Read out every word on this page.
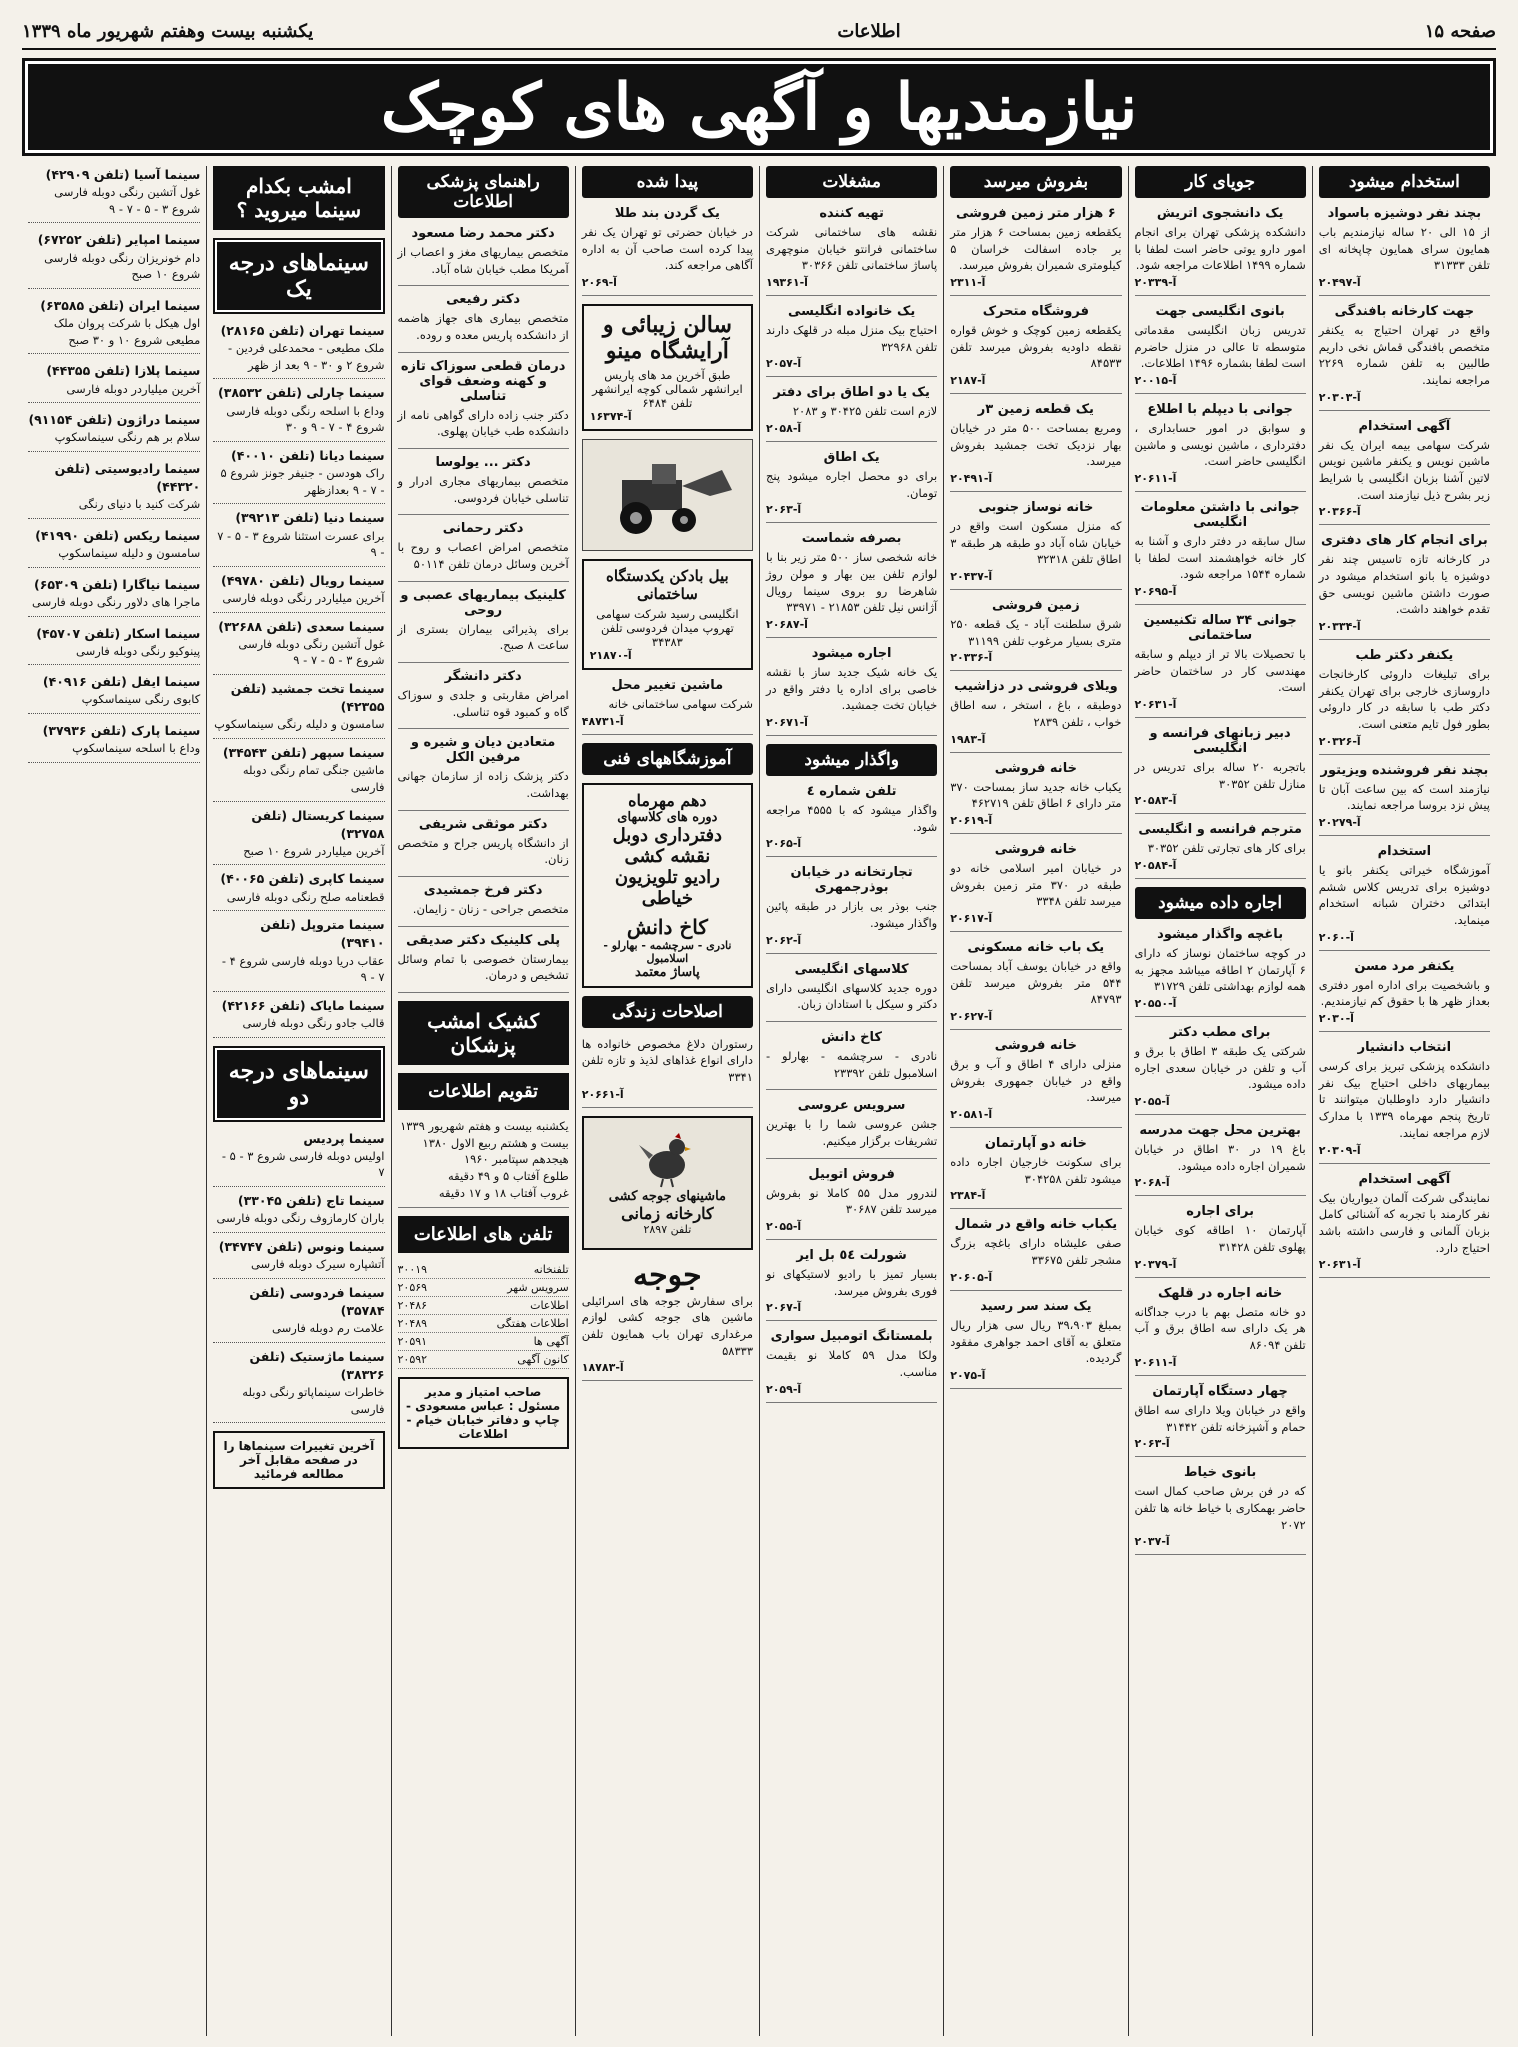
صفحه ۱۵
اطلاعات
یکشنبه بیست وهفتم شهریور ماه ۱۳۳۹
نیازمندیها و آگهی های کوچک
استخدام میشود
بچند نفر دوشیزه باسواد

از ۱۵ الی ۲۰ ساله نیازمندیم باب همایون سرای همایون چاپخانه ای تلفن ۳۱۳۳۳

آ-۲۰۴۹۷
جهت کارخانه بافندگی

واقع در تهران احتیاج به یکنفر متخصص بافندگی قماش نخی داریم طالبین به تلفن شماره ۲۲۶۹ مراجعه نمایند.

آ-۲۰۳۰۳
آگهی استخدام

شرکت سهامی بیمه ایران یک نفر ماشین نویس و یکنفر ماشین نویس لاتین آشنا بزبان انگلیسی با شرایط زیر بشرح ذیل نیازمند است.

آ-۲۰۳۶۶
برای انجام کار های دفتری

در کارخانه تازه تاسیس چند نفر دوشیزه یا بانو استخدام میشود در صورت داشتن ماشین نویسی حق تقدم خواهند داشت.

آ-۲۰۳۳۴
یکنفر دکتر طب

برای تبلیغات داروئی کارخانجات داروسازی خارجی برای تهران یکنفر دکتر طب با سابقه در کار داروئی بطور فول تایم متعنی است.

آ-۲۰۳۲۶
بچند نفر فروشنده ویزیتور

نیازمند است که بین ساعت آبان تا پیش نزد بروسا مراجعه نمایند.

آ-۲۰۲۷۹
استخدام

آموزشگاه خیراتی یکنفر بانو یا دوشیزه برای تدریس کلاس ششم ابتدائی دختران شبانه استخدام مینماید.

آ-۲۰۶۰
یکنفر مرد مسن

و باشخصیت برای اداره امور دفتری بعداز ظهر ها با حقوق کم نیازمندیم.

آ-۲۰۳۰
انتخاب دانشیار

دانشکده پزشکی تبریز برای کرسی بیماریهای داخلی احتیاج بیک نفر دانشیار دارد داوطلبان میتوانند تا تاریخ پنجم مهرماه ۱۳۳۹ با مدارک لازم مراجعه نمایند.

آ-۲۰۳۰۹
آگهی استخدام

نمایندگی شرکت آلمان دیواریان بیک نفر کارمند با تجربه که آشنائی کامل بزبان آلمانی و فارسی داشته باشد احتیاج دارد.

آ-۲۰۶۳۱
جویای کار
یک دانشجوی اتریش

دانشکده پزشکی تهران برای انجام امور دارو یوتی حاضر است لطفا با شماره ۱۴۹۹ اطلاعات مراجعه شود.

آ-۲۰۳۳۹
بانوی انگلیسی جهت

تدریس زبان انگلیسی مقدماتی متوسطه تا عالی در منزل حاضرم است لطفا بشماره ۱۴۹۶ اطلاعات.

آ-۲۰۰۱۵
جوانی با دیپلم با اطلاع

و سوابق در امور حسابداری ، دفترداری ، ماشین نویسی و ماشین انگلیسی حاضر است.

آ-۲۰۶۱۱
جوانی با داشتن معلومات انگلیسی

سال سابقه در دفتر داری و آشنا به کار خانه خواهشمند است لطفا با شماره ۱۵۴۴ مراجعه شود.

آ-۲۰۶۹۵
جوانی ۳۴ ساله تکنیسین ساختمانی

با تحصیلات بالا تر از دیپلم و سابقه مهندسی کار در ساختمان حاضر است.

آ-۲۰۶۳۱
دبیر زبانهای فرانسه و انگلیسی

باتجربه ۲۰ ساله برای تدریس در منازل تلفن ۳۰۳۵۲

آ-۲۰۵۸۳
مترجم فرانسه و انگلیسی

برای کار های تجارتی تلفن ۳۰۳۵۲

آ-۲۰۵۸۴
اجاره داده میشود
باغچه واگذار میشود

در کوچه ساختمان نوساز که دارای ۶ آپارتمان ۲ اطاقه میباشد مجهز به همه لوازم بهداشتی تلفن ۳۱۷۲۹

آ-۲۰۵۵۰
برای مطب دکتر

شرکتی یک طبقه ۳ اطاق با برق و آب و تلفن در خیابان سعدی اجاره داده میشود.

آ-۲۰۵۵
بهترین محل جهت مدرسه

باغ ۱۹ در ۳۰ اطاق در خیابان شمیران اجاره داده میشود.

آ-۲۰۶۸
برای اجاره

آپارتمان ۱۰ اطاقه کوی خیابان پهلوی تلفن ۳۱۴۲۸

آ-۲۰۳۷۹
خانه اجاره در قلهک

دو خانه متصل بهم با درب جداگانه هر یک دارای سه اطاق برق و آب تلفن ۸۶۰۹۴

آ-۲۰۶۱۱
چهار دستگاه آپارتمان

واقع در خیابان ویلا دارای سه اطاق حمام و آشپزخانه تلفن ۳۱۴۴۲

آ-۲۰۶۳
بانوی خیاط

که در فن برش صاحب کمال است حاضر بهمکاری با خیاط خانه ها تلفن ۲۰۷۲

آ-۲۰۳۷
بفروش میرسد
۶ هزار متر زمین فروشی

یکقطعه زمین بمساحت ۶ هزار متر بر جاده اسفالت خراسان ۵ کیلومتری شمیران بفروش میرسد.

آ-۲۳۱۱
فروشگاه متحرک

یکقطعه زمین کوچک و خوش قواره نقطه داودیه بفروش میرسد تلفن ۸۴۵۳۳

آ-۲۱۸۷
یک قطعه زمین ۳ر

ومربع بمساحت ۵۰۰ متر در خیابان بهار نزدیک تخت جمشید بفروش میرسد.

آ-۲۰۴۹۱
خانه نوساز جنوبی

که منزل مسکون است واقع در خیابان شاه آباد دو طبقه هر طبقه ۳ اطاق تلفن ۳۲۳۱۸

آ-۲۰۴۳۷
زمین فروشی

شرق سلطنت آباد - یک قطعه ۲۵۰ متری بسیار مرغوب تلفن ۳۱۱۹۹

آ-۲۰۳۳۶
ویلای فروشی در دزاشیب

دوطبقه ، باغ ، استخر ، سه اطاق خواب ، تلفن ۲۸۳۹

آ-۱۹۸۳
خانه فروشی

یکباب خانه جدید ساز بمساحت ۳۷۰ متر دارای ۶ اطاق تلفن ۴۶۲۷۱۹

آ-۲۰۶۱۹
خانه فروشی

در خیابان امیر اسلامی خانه دو طبقه در ۳۷۰ متر زمین بفروش میرسد تلفن ۳۳۴۸

آ-۲۰۶۱۷
یک باب خانه مسکونی

واقع در خیابان یوسف آباد بمساحت ۵۴۴ متر بفروش میرسد تلفن ۸۴۷۹۳

آ-۲۰۶۲۷
خانه فروشی

منزلی دارای ۴ اطاق و آب و برق واقع در خیابان جمهوری بفروش میرسد.

آ-۲۰۵۸۱
خانه دو آپارتمان

برای سکونت خارجیان اجاره داده میشود تلفن ۳۰۴۲۵۸

آ-۲۳۸۴
یکباب خانه واقع در شمال

صفی علیشاه دارای باغچه بزرگ مشجر تلفن ۳۳۶۷۵

آ-۲۰۶۰۵
یک سند سر رسید

بمبلغ ۳۹،۹۰۳ ریال سی هزار ریال متعلق به آقای احمد جواهری مفقود گردیده.

آ-۲۰۷۵
مشغلات
تهیه کننده

نقشه های ساختمانی شرکت ساختمانی فرانتو خیابان منوچهری پاساژ ساختمانی تلفن ۳۰۳۶۶

آ-۱۹۳۶۱
یک خانواده انگلیسی

احتیاج بیک منزل مبله در قلهک دارند تلفن ۳۲۹۶۸

آ-۲۰۵۷
یک یا دو اطاق برای دفتر

لازم است تلفن ۳۰۴۲۵ و ۲۰۸۳

آ-۲۰۵۸
یک اطاق

برای دو محصل اجاره میشود پنج تومان.

آ-۲۰۶۳
بصرفه شماست

خانه شخصی ساز ۵۰۰ متر زیر بنا با لوازم تلفن بین بهار و مولن روژ شاهرضا رو بروی سینما رویال آژانس نیل تلفن ۲۱۸۵۳ - ۳۳۹۷۱

آ-۲۰۶۸۷
اجاره میشود

یک خانه شیک جدید ساز با نقشه خاصی برای اداره یا دفتر واقع در خیابان تخت جمشید.

آ-۲۰۶۷۱
واگذار میشود
تلفن شماره ٤

واگذار میشود که با ۴۵۵۵ مراجعه شود.

آ-۲۰۶۵
تجارتخانه در خیابان بوذرجمهری

جنب بوذر بی بازار در طبقه پائین واگذار میشود.

آ-۲۰۶۲
کلاسهای انگلیسی

دوره جدید کلاسهای انگلیسی دارای دکتر و سیکل با استادان زبان.

کاخ دانش

نادری - سرچشمه - بهارلو - اسلامبول تلفن ۲۳۳۹۲

سرویس عروسی

جشن عروسی شما را با بهترین تشریفات برگزار میکنیم.

فروش اتوبیل

لندرور مدل ۵۵ کاملا نو بفروش میرسد تلفن ۳۰۶۸۷

آ-۲۰۵۵
شورلت ٥٤ بل ایر

بسیار تمیز با رادیو لاستیکهای نو فوری بفروش میرسد.

آ-۲۰۶۷
بلمستانگ اتومبیل سواری

ولکا مدل ۵۹ کاملا نو بقیمت مناسب.

آ-۲۰۵۹
پیدا شده
یک گردن بند طلا

در خیابان حضرتی تو تهران یک نفر پیدا کرده است صاحب آن به اداره آگاهی مراجعه کند.

آ-۲۰۶۹
سالن زیبائی و آرایشگاه مینو

طبق آخرین مد های پاریس ایرانشهر شمالی کوچه ایرانشهر تلفن ۶۴۸۴

آ-۱۶۳۷۴
بیل بادکن یکدستگاه ساختمانی

انگلیسی رسید شرکت سهامی تهروپ میدان فردوسی تلفن ۳۴۳۸۳

آ-۲۱۸۷۰
ماشین تغییر محل

شرکت سهامی ساختمانی خانه

آ-۴۸۷۳۱
آموزشگاههای فنی
دهم مهرماه
دوره های کلاسهای
دفترداری دوبل
نقشه کشی
رادیو تلویزیون
خیاطی
کاخ دانش
نادری - سرچشمه - بهارلو - اسلامبول
پاساژ معتمد
اصلاحات زندگی

رستوران دلاغ مخصوص خانواده ها دارای انواع غذاهای لذیذ و تازه تلفن ۳۳۴۱

آ-۲۰۶۶۱
ماشینهای جوجه کشی
کارخانه زمانی
تلفن ۲۸۹۷
جوجه

برای سفارش جوجه های اسرائیلی ماشین های جوجه کشی لوازم مرغداری تهران باب همایون تلفن ۵۸۳۳۳

آ-۱۸۷۸۳
راهنمای پزشکی اطلاعات
دکتر محمد رضا مسعود

متخصص بیماریهای مغز و اعصاب از آمریکا مطب خیابان شاه آباد.

دکتر رفیعی

متخصص بیماری های جهاز هاضمه از دانشکده پاریس معده و روده.

درمان قطعی سوزاک تازه و کهنه وضعف قوای تناسلی

دکتر جنب زاده دارای گواهی نامه از دانشکده طب خیابان پهلوی.

دکتر ... یولوسا

متخصص بیماریهای مجاری ادرار و تناسلی خیابان فردوسی.

دکتر رحمانی

متخصص امراض اعصاب و روح با آخرین وسائل درمان تلفن ۵۰۱۱۴

کلینیک بیماریهای عصبی و روحی

برای پذیرائی بیماران بستری از ساعت ۸ صبح.

دکتر دانشگر

امراض مقاربتی و جلدی و سوزاک گاه و کمبود قوه تناسلی.

متعادین دیان و شیره و مرفین الکل

دکتر پزشک زاده از سازمان جهانی بهداشت.

دکتر موثقی شریفی

از دانشگاه پاریس جراح و متخصص زنان.

دکتر فرخ جمشیدی

متخصص جراحی - زنان - زایمان.

پلی کلینیک دکتر صدیقی

بیمارستان خصوصی با تمام وسائل تشخیص و درمان.

کشیک امشب پزشکان
تقویم اطلاعات

یکشنبه بیست و هفتم شهریور ۱۳۳۹

بیست و هشتم ربیع الاول ۱۳۸۰

هیجدهم سپتامبر ۱۹۶۰

طلوع آفتاب ۵ و ۴۹ دقیقه

غروب آفتاب ۱۸ و ۱۷ دقیقه

تلفن های اطلاعات
تلفنخانه
۳۰۰۱۹
سرویس شهر
۲۰۵۶۹
اطلاعات
۲۰۴۸۶
اطلاعات هفتگی
۲۰۴۸۹
آگهی ها
۲۰۵۹۱
کانون آگهی
۲۰۵۹۲
صاحب امتیاز و مدیر مسئول : عباس مسعودی - چاپ و دفاتر خیابان خیام - اطلاعات
امشب بکدام سینما میروید ؟
سینماهای درجه یک
سینما تهران (تلفن ۲۸۱۶۵)
ملک مطیعی - محمدعلی فردین - شروع ۲ و ۳۰ - ۹ بعد از ظهر
سینما چارلی (تلفن ۳۸۵۳۲)
وداع با اسلحه رنگی دوبله فارسی شروع ۴ - ۷ - ۹ و ۳۰
سینما دیانا (تلفن ۴۰۰۱۰)
راک هودسن - جنیفر جونز شروع ۵ - ۷ - ۹ بعدازظهر
سینما دنیا (تلفن ۳۹۲۱۳)
برای عسرت استثنا شروع ۳ - ۵ - ۷ - ۹
سینما رویال (تلفن ۴۹۷۸۰)
آخرین میلیاردر رنگی دوبله فارسی
سینما سعدی (تلفن ۳۲۶۸۸)
غول آتشین رنگی دوبله فارسی شروع ۳ - ۵ - ۷ - ۹
سینما تخت جمشید (تلفن ۴۲۳۵۵)
سامسون و دلیله رنگی سینماسکوپ
سینما سپهر (تلفن ۳۴۵۴۳)
ماشین جنگی تمام رنگی دوبله فارسی
سینما کریستال (تلفن ۳۲۷۵۸)
آخرین میلیاردر شروع ۱۰ صبح
سینما کاپری (تلفن ۴۰۰۶۵)
قطعنامه صلح رنگی دوبله فارسی
سینما متروپل (تلفن ۳۹۴۱۰)
عقاب دریا دوبله فارسی شروع ۴ - ۷ - ۹
سینما مایاک (تلفن ۴۲۱۶۶)
قالب جادو رنگی دوبله فارسی
سینماهای درجه دو
سینما پردیس
اولیس دوبله فارسی شروع ۳ - ۵ - ۷
سینما تاج (تلفن ۳۳۰۴۵)
باران کارمازوف رنگی دوبله فارسی
سینما ونوس (تلفن ۳۴۷۴۷)
آتشپاره سیرک دوبله فارسی
سینما فردوسی (تلفن ۳۵۷۸۴)
علامت رم دوبله فارسی
سینما ماژستیک (تلفن ۳۸۳۲۶)
خاطرات سینماپاتو رنگی دوبله فارسی
آخرین تغییرات سینماها را در صفحه مقابل آخر مطالعه فرمائید
سینما آسیا (تلفن ۴۲۹۰۹)
غول آتشین رنگی دوبله فارسی شروع ۳ - ۵ - ۷ - ۹
سینما امپایر (تلفن ۶۷۲۵۲)
دام خونریزان رنگی دوبله فارسی شروع ۱۰ صبح
سینما ایران (تلفن ۶۳۵۸۵)
اول هیکل با شرکت پروان ملک مطیعی شروع ۱۰ و ۳۰ صبح
سینما پلازا (تلفن ۴۴۳۵۵)
آخرین میلیاردر دوبله فارسی
سینما دراژون (تلفن ۹۱۱۵۴)
سلام بر هم رنگی سینماسکوپ
سینما رادیوسیتی (تلفن ۴۴۳۲۰)
شرکت کنید با دنیای رنگی
سینما ریکس (تلفن ۴۱۹۹۰)
سامسون و دلیله سینماسکوپ
سینما نیاگارا (تلفن ۶۵۳۰۹)
ماجرا های دلاور رنگی دوبله فارسی
سینما اسکار (تلفن ۴۵۷۰۷)
پینوکیو رنگی دوبله فارسی
سینما ایفل (تلفن ۴۰۹۱۶)
کابوی رنگی سینماسکوپ
سینما پارک (تلفن ۳۷۹۳۶)
وداع با اسلحه سینماسکوپ
